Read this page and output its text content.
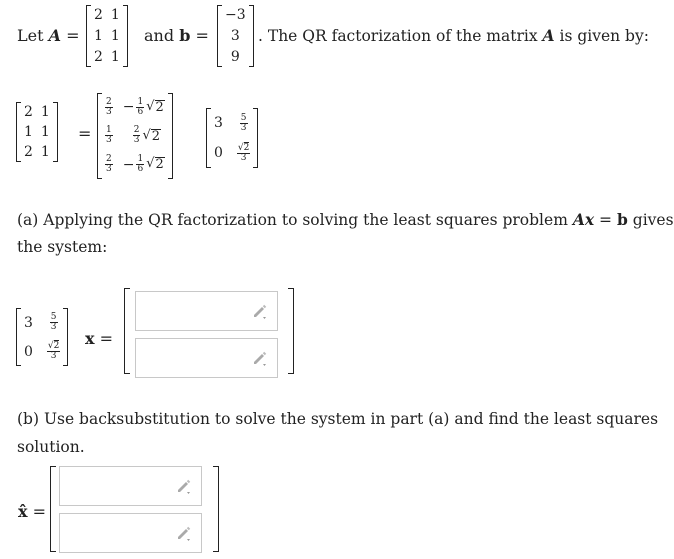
Let A =
2
1
2
1
1
1
and b =
−3
3
9
. The QR factorization of the matrix A is given by:
2
1
2
1
1
1
=
$\frac{2}{3}$
$\frac{1}{3}$
$\frac{2}{3}$
− $\frac{1}{6}$ √ 2
$\frac{2}{3}$ √ 2
− $\frac{1}{6}$ √ 2
3
0
$\frac{5}{3}$
$\frac{√2}{3}$
(a) Applying the QR factorization to solving the least squares problem Ax = b gives
the system:
3
0
$\frac{5}{3}$
$\frac{√2}{3}$
x =
(b) Use backsubstitution to solve the system in part (a) and find the least squares
solution.
x̂ =
